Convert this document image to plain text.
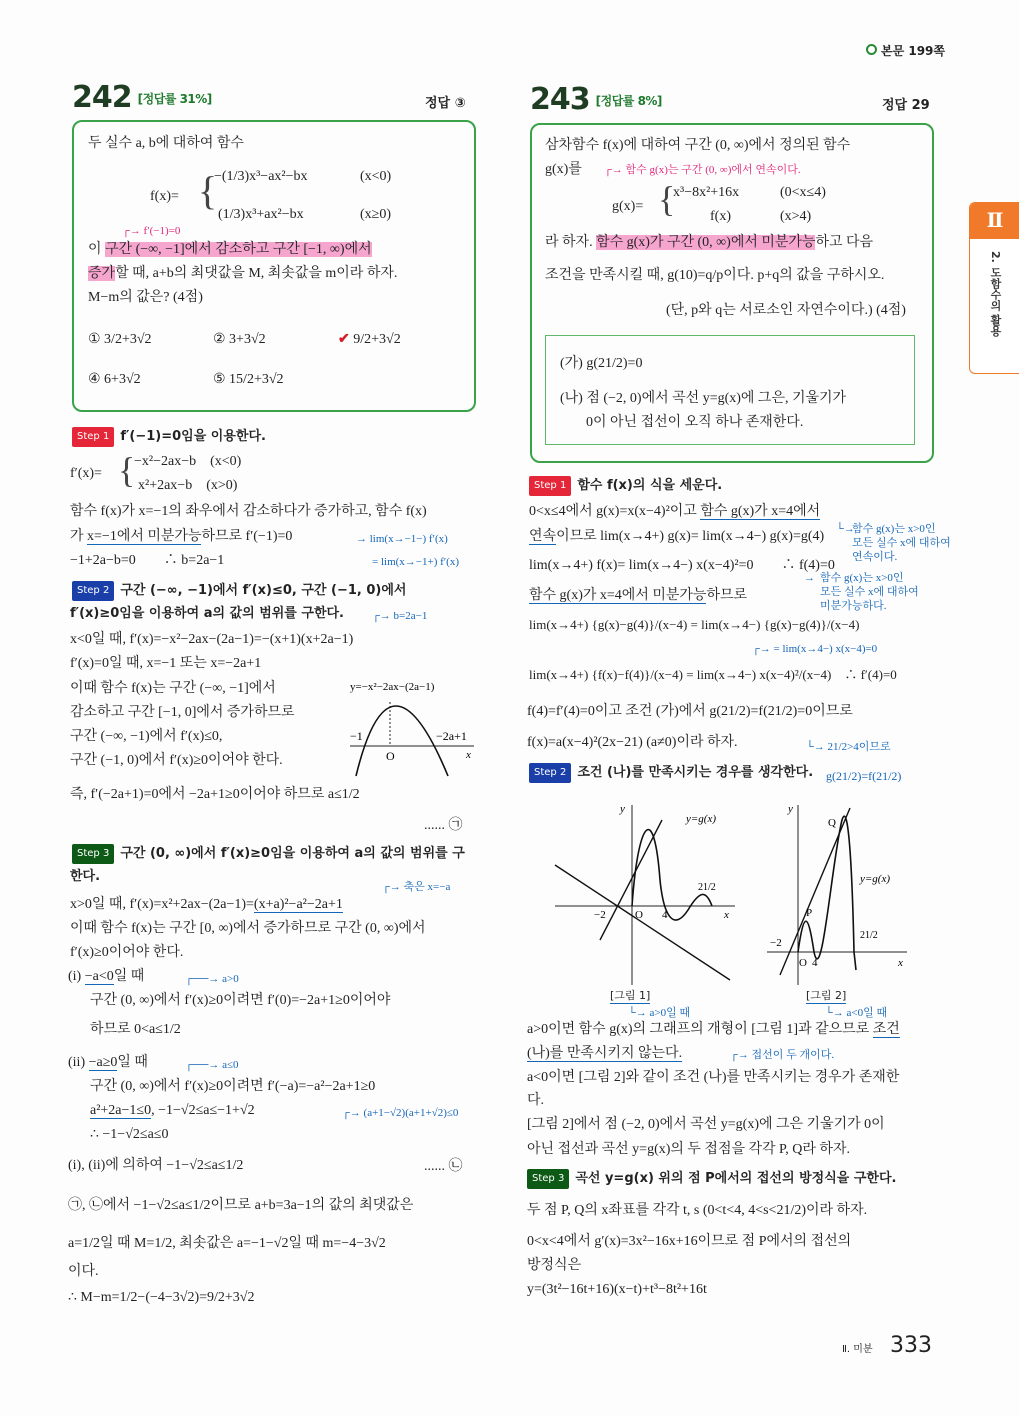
본문 199쪽
Ⅱ
2. 도함수의 활용
242 [정답률 31%]	정답 ③
두 실수 a, b에 대하여 함수
f(x)= {
−(1/3)x³−ax²−bx	(x<0)
(1/3)x³+ax²−bx	(x≥0)
┌→ f′(−1)=0
이 구간 (−∞, −1]에서 감소하고 구간 [−1, ∞)에서
증가할 때, a+b의 최댓값을 M, 최솟값을 m이라 하자.
M−m의 값은? (4점)
① 3/2+3√2	② 3+3√2	✔ 9/2+3√2
④ 6+3√2	⑤ 15/2+3√2
Step 1 f′(−1)=0임을 이용한다.
f′(x)= {
−x²−2ax−b　(x<0)
x²+2ax−b　(x>0)
함수 f(x)가 x=−1의 좌우에서 감소하다가 증가하고, 함수 f(x)
가 x=−1에서 미분가능하므로 f′(−1)=0
−1+2a−b=0　　∴ b=2a−1
→ lim(x→−1−) f′(x)
= lim(x→−1+) f′(x)
Step 2 구간 (−∞, −1)에서 f′(x)≤0, 구간 (−1, 0)에서
f′(x)≥0임을 이용하여 a의 값의 범위를 구한다.	┌→ b=2a−1
x<0일 때, f′(x)=−x²−2ax−(2a−1)=−(x+1)(x+2a−1)
f′(x)=0일 때, x=−1 또는 x=−2a+1
이때 함수 f(x)는 구간 (−∞, −1]에서
감소하고 구간 [−1, 0]에서 증가하므로
구간 (−∞, −1)에서 f′(x)≤0,
구간 (−1, 0)에서 f′(x)≥0이어야 한다.
y=−x²−2ax−(2a−1)
−1	−2a+1
O	x
즉, f′(−2a+1)=0에서 −2a+1≥0이어야 하므로 a≤1/2
...... ㉠
Step 3 구간 (0, ∞)에서 f′(x)≥0임을 이용하여 a의 값의 범위를 구
한다.
┌→ 축은 x=−a
x>0일 때, f′(x)=x²+2ax−(2a−1)=(x+a)²−a²−2a+1
이때 함수 f(x)는 구간 [0, ∞)에서 증가하므로 구간 (0, ∞)에서
f′(x)≥0이어야 한다.
(i) −a<0일 때	┌──→ a>0
구간 (0, ∞)에서 f′(x)≥0이려면 f′(0)=−2a+1≥0이어야
하므로 0<a≤1/2
(ii) −a≥0일 때	┌──→ a≤0
구간 (0, ∞)에서 f′(x)≥0이려면 f′(−a)=−a²−2a+1≥0
a²+2a−1≤0, −1−√2≤a≤−1+√2	┌→ (a+1−√2)(a+1+√2)≤0
∴ −1−√2≤a≤0
(i), (ii)에 의하여 −1−√2≤a≤1/2	...... ㉡
㉠, ㉡에서 −1−√2≤a≤1/2이므로 a+b=3a−1의 값의 최댓값은
a=1/2일 때 M=1/2, 최솟값은 a=−1−√2일 때 m=−4−3√2
이다.
∴ M−m=1/2−(−4−3√2)=9/2+3√2
243 [정답률 8%]	정답 29
삼차함수 f(x)에 대하여 구간 (0, ∞)에서 정의된 함수
g(x)를 ┌→ 함수 g(x)는 구간 (0, ∞)에서 연속이다.
g(x)= {
x³−8x²+16x	(0<x≤4)
f(x)	(x>4)
라 하자. 함수 g(x)가 구간 (0, ∞)에서 미분가능하고 다음
조건을 만족시킬 때, g(10)=q/p이다. p+q의 값을 구하시오.
(단, p와 q는 서로소인 자연수이다.) (4점)
(가) g(21/2)=0
(나) 점 (−2, 0)에서 곡선 y=g(x)에 그은, 기울기가
0이 아닌 접선이 오직 하나 존재한다.
Step 1 함수 f(x)의 식을 세운다.
0<x≤4에서 g(x)=x(x−4)²이고 함수 g(x)가 x=4에서
연속이므로 lim(x→4+) g(x)= lim(x→4−) g(x)=g(4) └→
함수 g(x)는 x>0인
모든 실수 x에 대하여
연속이다.
lim(x→4+) f(x)= lim(x→4−) x(x−4)²=0　　∴ f(4)=0
함수 g(x)가 x=4에서 미분가능하므로
→ 함수 g(x)는 x>0인
모든 실수 x에 대하여
미분가능하다.
lim(x→4+) {g(x)−g(4)}/(x−4) = lim(x→4−) {g(x)−g(4)}/(x−4)
┌→ = lim(x→4−) x(x−4)=0
lim(x→4+) {f(x)−f(4)}/(x−4) = lim(x→4−) x(x−4)²/(x−4)　∴ f′(4)=0
f(4)=f′(4)=0이고 조건 (가)에서 g(21/2)=f(21/2)=0이므로
f(x)=a(x−4)²(2x−21) (a≠0)이라 하자.	└→ 21/2>4이므로
Step 2 조건 (나)를 만족시키는 경우를 생각한다. g(21/2)=f(21/2)
y=g(x)
y
x
−2	O 4
21/2
[그림 1]
└→ a>0일 때
Q
P
y=g(x)
y
x
−2
O 4
21/2
[그림 2]
└→ a<0일 때
a>0이면 함수 g(x)의 그래프의 개형이 [그림 1]과 같으므로 조건
(나)를 만족시키지 않는다.	┌→ 접선이 두 개이다.
a<0이면 [그림 2]와 같이 조건 (나)를 만족시키는 경우가 존재한
다.
[그림 2]에서 점 (−2, 0)에서 곡선 y=g(x)에 그은 기울기가 0이
아닌 접선과 곡선 y=g(x)의 두 접점을 각각 P, Q라 하자.
Step 3 곡선 y=g(x) 위의 점 P에서의 접선의 방정식을 구한다.
두 점 P, Q의 x좌표를 각각 t, s (0<t<4, 4<s<21/2)이라 하자.
0<x<4에서 g′(x)=3x²−16x+16이므로 점 P에서의 접선의
방정식은
y=(3t²−16t+16)(x−t)+t³−8t²+16t
Ⅱ. 미분 333
